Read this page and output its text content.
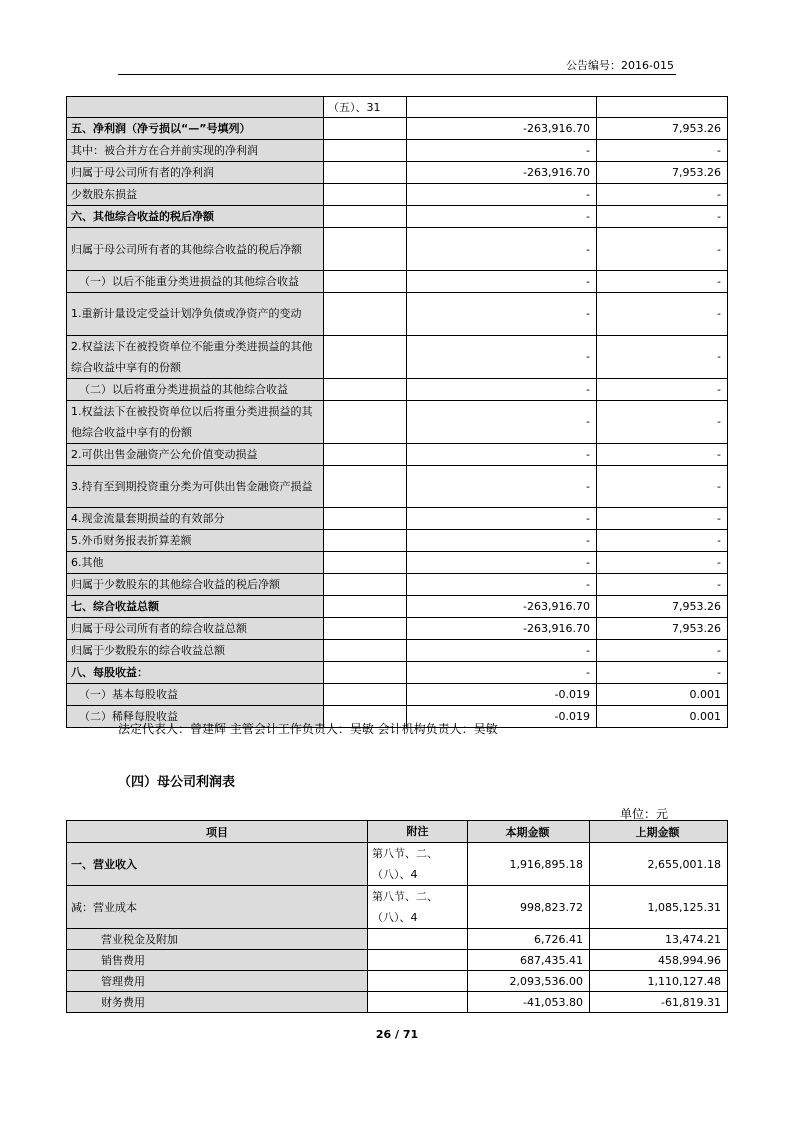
公告编号：2016-015
	（五）、31		
五、净利润（净亏损以“—”号填列）		-263,916.70	7,953.26
其中：被合并方在合并前实现的净利润		-	-
归属于母公司所有者的净利润		-263,916.70	7,953.26
少数股东损益		-	-
六、其他综合收益的税后净额		-	-
归属于母公司所有者的其他综合收益的税后净额		-	-
（一）以后不能重分类进损益的其他综合收益		-	-
1.重新计量设定受益计划净负债或净资产的变动		-	-
2.权益法下在被投资单位不能重分类进损益的其他综合收益中享有的份额		-	-
（二）以后将重分类进损益的其他综合收益		-	-
1.权益法下在被投资单位以后将重分类进损益的其他综合收益中享有的份额		-	-
2.可供出售金融资产公允价值变动损益		-	-
3.持有至到期投资重分类为可供出售金融资产损益		-	-
4.现金流量套期损益的有效部分		-	-
5.外币财务报表折算差额		-	-
6.其他		-	-
归属于少数股东的其他综合收益的税后净额		-	-
七、综合收益总额		-263,916.70	7,953.26
归属于母公司所有者的综合收益总额		-263,916.70	7,953.26
归属于少数股东的综合收益总额		-	-
八、每股收益：		-	-
（一）基本每股收益		-0.019	0.001
（二）稀释每股收益		-0.019	0.001
法定代表人：曾建辉 主管会计工作负责人：吴敏 会计机构负责人：吴敏
（四）母公司利润表
单位：元
项目	附注	本期金额	上期金额
一、营业收入	第八节、二、（八）、4	1,916,895.18	2,655,001.18
减：营业成本	第八节、二、（八）、4	998,823.72	1,085,125.31
营业税金及附加		6,726.41	13,474.21
销售费用		687,435.41	458,994.96
管理费用		2,093,536.00	1,110,127.48
财务费用		-41,053.80	-61,819.31
26 / 71
